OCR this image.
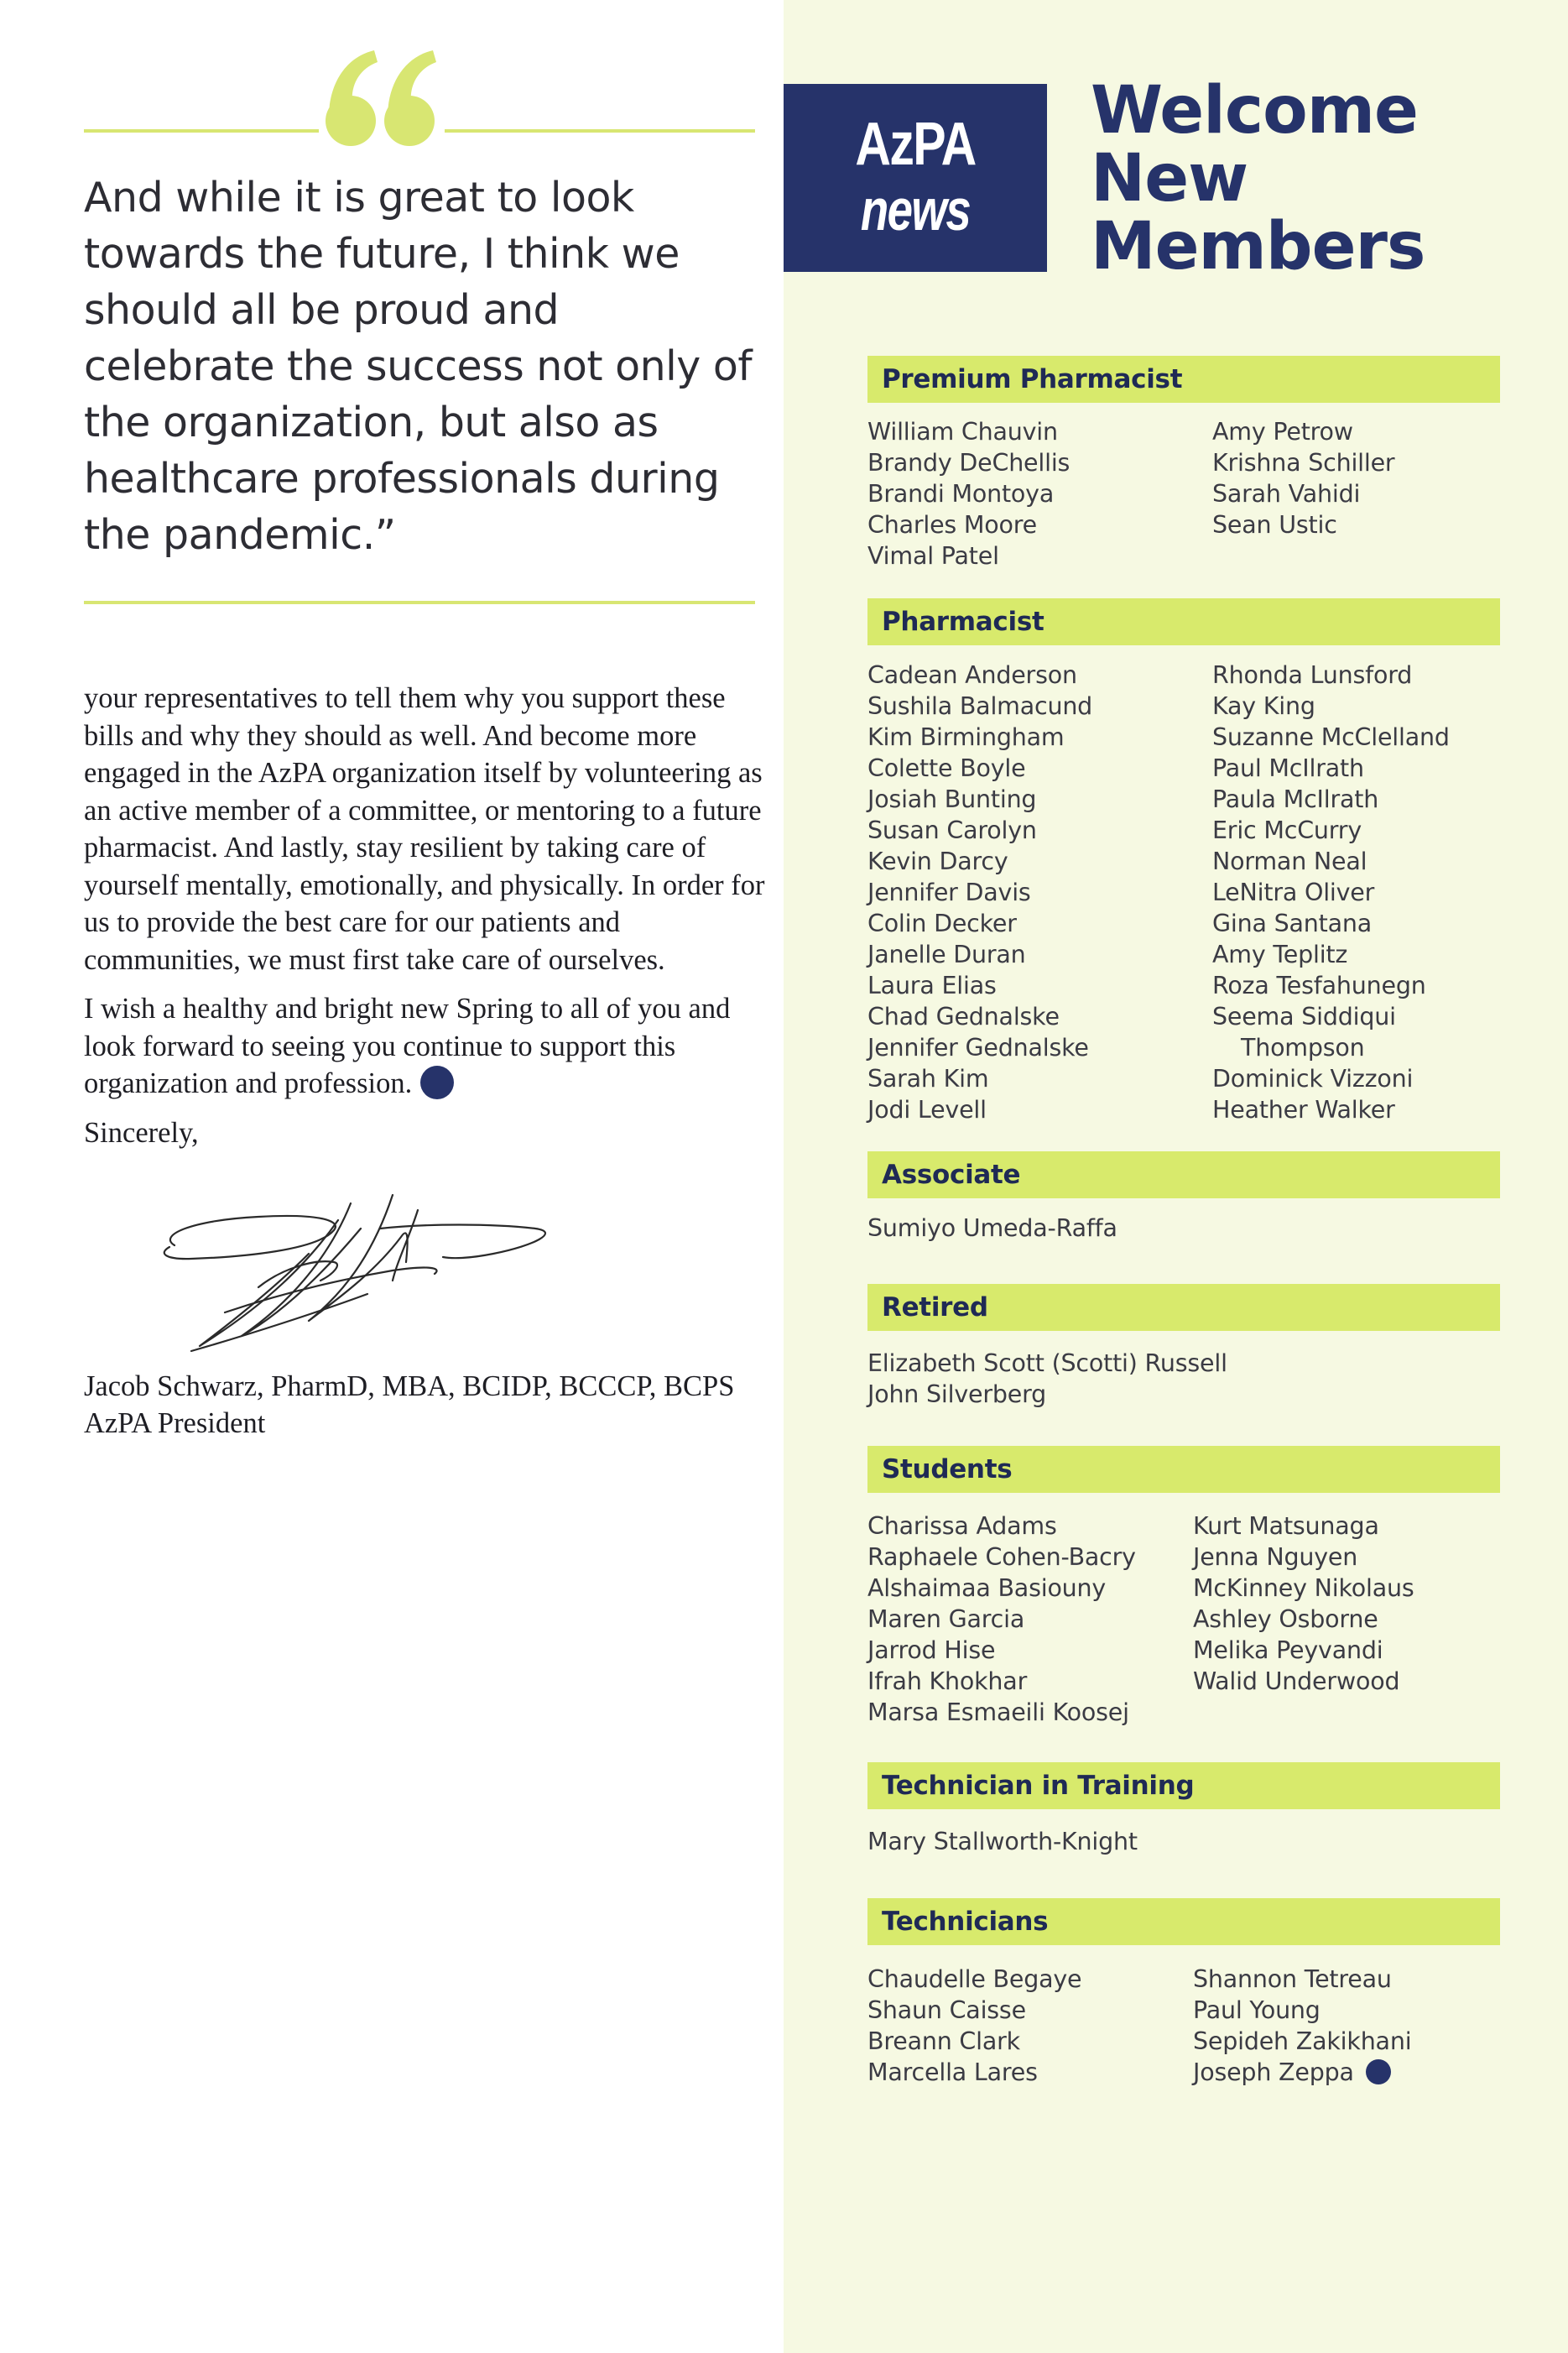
And while it is great to look towards the future, I think we should all be proud and celebrate the success not only of the organization, but also as healthcare professionals during the pandemic.”

your representatives to tell them why you support these bills and why they should as well. And become more engaged in the AzPA organization itself by volunteering as an active member of a committee, or mentoring to a future pharmacist. And lastly, stay resilient by taking care of yourself mentally, emotionally, and physically. In order for us to provide the best care for our patients and communities, we must first take care of ourselves.

I wish a healthy and bright new Spring to all of you and look forward to seeing you continue to support this organization and profession.

Sincerely,

Jacob Schwarz, PharmD, MBA, BCIDP, BCCCP, BCPS
AzPA President
AzPA
news
Welcome
New
Members
Premium Pharmacist
William Chauvin
Brandy DeChellis
Brandi Montoya
Charles Moore
Vimal Patel
Amy Petrow
Krishna Schiller
Sarah Vahidi
Sean Ustic
Pharmacist
Cadean Anderson
Sushila Balmacund
Kim Birmingham
Colette Boyle
Josiah Bunting
Susan Carolyn
Kevin Darcy
Jennifer Davis
Colin Decker
Janelle Duran
Laura Elias
Chad Gednalske
Jennifer Gednalske
Sarah Kim
Jodi Levell
Rhonda Lunsford
Kay King
Suzanne McClelland
Paul McIlrath
Paula McIlrath
Eric McCurry
Norman Neal
LeNitra Oliver
Gina Santana
Amy Teplitz
Roza Tesfahunegn
Seema Siddiqui
Thompson
Dominick Vizzoni
Heather Walker
Associate
Sumiyo Umeda-Raffa
Retired
Elizabeth Scott (Scotti) Russell
John Silverberg
Students
Charissa Adams
Raphaele Cohen-Bacry
Alshaimaa Basiouny
Maren Garcia
Jarrod Hise
Ifrah Khokhar
Marsa Esmaeili Koosej
Kurt Matsunaga
Jenna Nguyen
McKinney Nikolaus
Ashley Osborne
Melika Peyvandi
Walid Underwood
Technician in Training
Mary Stallworth-Knight
Technicians
Chaudelle Begaye
Shaun Caisse
Breann Clark
Marcella Lares
Shannon Tetreau
Paul Young
Sepideh Zakikhani
Joseph Zeppa
